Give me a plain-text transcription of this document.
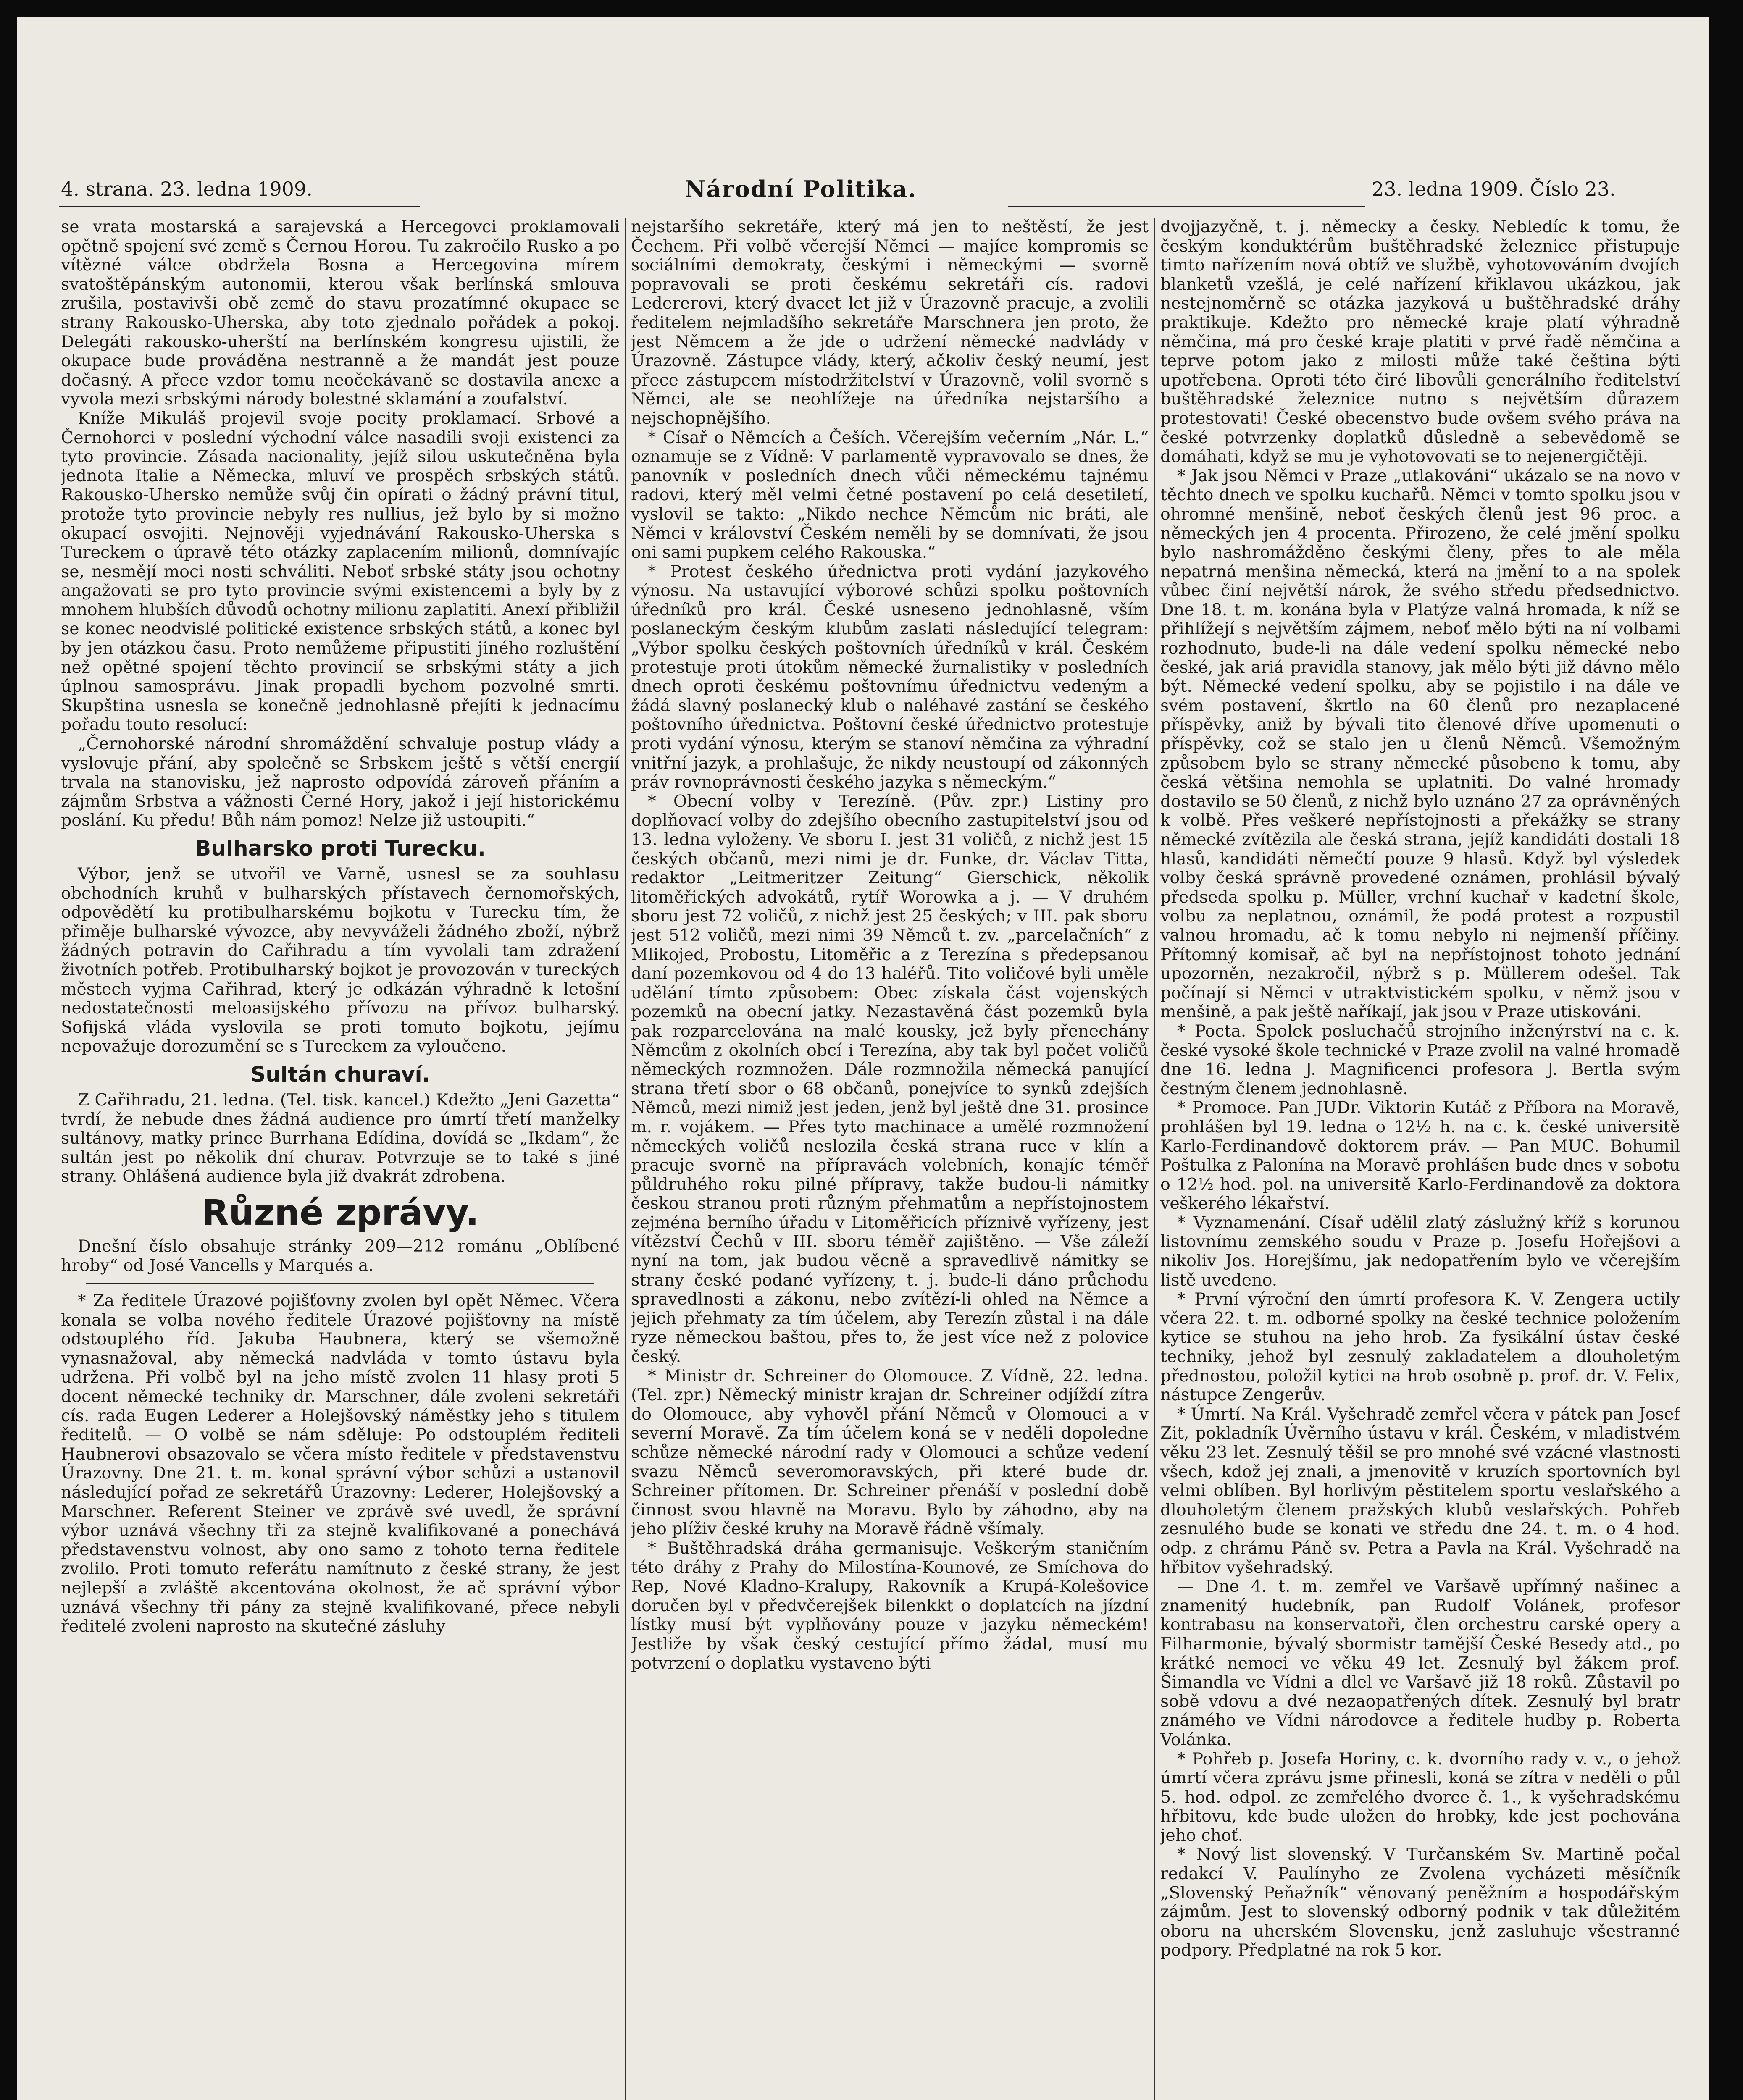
4. strana. 23. ledna 1909.	Národní Politika.	23. ledna 1909. Číslo 23.

se vrata mostarská a sarajevská a Hercegovci proklamovali opětně spojení své země s Černou Horou. Tu zakročilo Rusko a po vítězné válce obdržela Bosna a Hercegovina mírem svatoštěpánským autonomii, kterou však berlínská smlouva zrušila, postavivši obě země do stavu prozatímné okupace se strany Rakousko-Uherska, aby toto zjednalo pořádek a pokoj. Delegáti rakousko-uherští na berlínském kongresu ujistili, že okupace bude prováděna nestranně a že mandát jest pouze dočasný. A přece vzdor tomu neočekávaně se dostavila anexe a vyvola mezi srbskými národy bolestné sklamání a zoufalství.

Kníže Mikuláš projevil svoje pocity proklamací. Srbové a Černohorci v poslední východní válce nasadili svoji existenci za tyto provincie. Zásada nacionality, jejíž silou uskutečněna byla jednota Italie a Německa, mluví ve prospěch srbských států. Rakousko-Uhersko nemůže svůj čin opírati o žádný právní titul, protože tyto provincie nebyly res nullius, jež bylo by si možno okupací osvojiti. Nejnověji vyjednávání Rakousko-Uherska s Tureckem o úpravě této otázky zaplacením milionů, domnívajíc se, nesmějí moci nosti schváliti. Neboť srbské státy jsou ochotny angažovati se pro tyto provincie svými existencemi a byly by z mnohem hlubších důvodů ochotny milionu zaplatiti. Anexí přibližil se konec neodvislé politické existence srbských států, a konec byl by jen otázkou času. Proto nemůžeme připustiti jiného rozluštění než opětné spojení těchto provincií se srbskými státy a jich úplnou samosprávu. Jinak propadli bychom pozvolné smrti. Skupština usnesla se konečně jednohlasně přejíti k jednacímu pořadu touto resolucí:

„Černohorské národní shromáždění schvaluje postup vlády a vyslovuje přání, aby společně se Srbskem ještě s větší energií trvala na stanovisku, jež naprosto odpovídá zároveň přáním a zájmům Srbstva a vážnosti Černé Hory, jakož i její historickému poslání. Ku předu! Bůh nám pomoz! Nelze již ustoupiti.“

Bulharsko proti Turecku.

Výbor, jenž se utvořil ve Varně, usnesl se za souhlasu obchodních kruhů v bulharských přístavech černomořských, odpovědětí ku protibulharskému bojkotu v Turecku tím, že přiměje bulharské vývozce, aby nevyváželi žádného zboží, nýbrž žádných potravin do Cařihradu a tím vyvolali tam zdražení životních potřeb. Protibulharský bojkot je provozován v tureckých městech vyjma Cařihrad, který je odkázán výhradně k letošní nedostatečnosti meloasijského přívozu na přívoz bulharský. Sofijská vláda vyslovila se proti tomuto bojkotu, jejímu nepovažuje dorozumění se s Tureckem za vyloučeno.

Sultán churaví.

Z Cařihradu, 21. ledna. (Tel. tisk. kancel.) Kdežto „Jeni Gazetta“ tvrdí, že nebude dnes žádná audience pro úmrtí třetí manželky sultánovy, matky prince Burrhana Edídina, dovídá se „Ikdam“, že sultán jest po několik dní churav. Potvrzuje se to také s jiné strany. Ohlášená audience byla již dvakrát zdrobena.

Různé zprávy.

Dnešní číslo obsahuje stránky 209—212 románu „Oblíbené hroby“ od José Vancells y Marqués a.

* Za ředitele Úrazové pojišťovny zvolen byl opět Němec. Včera konala se volba nového ředitele Úrazové pojišťovny na místě odstouplého říd. Jakuba Haubnera, který se všemožně vynasnažoval, aby německá nadvláda v tomto ústavu byla udržena. Při volbě byl na jeho místě zvolen 11 hlasy proti 5 docent německé techniky dr. Marschner, dále zvoleni sekretáři cís. rada Eugen Lederer a Holejšovský náměstky jeho s titulem ředitelů. — O volbě se nám sděluje: Po odstouplém řediteli Haubnerovi obsazovalo se včera místo ředitele v představenstvu Úrazovny. Dne 21. t. m. konal správní výbor schůzi a ustanovil následující pořad ze sekretářů Úrazovny: Lederer, Holejšovský a Marschner. Referent Steiner ve zprávě své uvedl, že správní výbor uznává všechny tři za stejně kvalifikované a ponechává představenstvu volnost, aby ono samo z tohoto terna ředitele zvolilo. Proti tomuto referátu namítnuto z české strany, že jest nejlepší a zvláště akcentována okolnost, že ač správní výbor uznává všechny tři pány za stejně kvalifikované, přece nebyli ředitelé zvoleni naprosto na skutečné zásluhy

nejstaršího sekretáře, který má jen to neštěstí, že jest Čechem. Při volbě včerejší Němci — majíce kompromis se sociálními demokraty, českými i německými — svorně popravovali se proti českému sekretáři cís. radovi Ledererovi, který dvacet let již v Úrazovně pracuje, a zvolili ředitelem nejmladšího sekretáře Marschnera jen proto, že jest Němcem a že jde o udržení německé nadvlády v Úrazovně. Zástupce vlády, který, ačkoliv český neumí, jest přece zástupcem místodržitelství v Úrazovně, volil svorně s Němci, ale se neohlížeje na úředníka nejstaršího a nejschopnějšího.

* Císař o Němcích a Češích. Včerejším večerním „Nár. L.“ oznamuje se z Vídně: V parlamentě vypravovalo se dnes, že panovník v posledních dnech vůči německému tajnému radovi, který měl velmi četné postavení po celá desetiletí, vyslovil se takto: „Nikdo nechce Němcům nic bráti, ale Němci v království Českém neměli by se domnívati, že jsou oni sami pupkem celého Rakouska.“

* Protest českého úřednictva proti vydání jazykového výnosu. Na ustavující výborové schůzi spolku poštovních úředníků pro král. České usneseno jednohlasně, vším poslaneckým českým klubům zaslati následující telegram: „Výbor spolku českých poštovních úředníků v král. Českém protestuje proti útokům německé žurnalistiky v posledních dnech oproti českému poštovnímu úřednictvu vedeným a žádá slavný poslanecký klub o naléhavé zastání se českého poštovního úřednictva. Poštovní české úřednictvo protestuje proti vydání výnosu, kterým se stanoví němčina za výhradní vnitřní jazyk, a prohlašuje, že nikdy neustoupí od zákonných práv rovnoprávnosti českého jazyka s německým.“

* Obecní volby v Terezíně. (Pův. zpr.) Listiny pro doplňovací volby do zdejšího obecního zastupitelství jsou od 13. ledna vyloženy. Ve sboru I. jest 31 voličů, z nichž jest 15 českých občanů, mezi nimi je dr. Funke, dr. Václav Titta, redaktor „Leitmeritzer Zeitung“ Gierschick, několik litoměřických advokátů, rytíř Worowka a j. — V druhém sboru jest 72 voličů, z nichž jest 25 českých; v III. pak sboru jest 512 voličů, mezi nimi 39 Němců t. zv. „parcelačních“ z Mlikojed, Probostu, Litoměřic a z Terezína s předepsanou daní pozemkovou od 4 do 13 haléřů. Tito voličové byli uměle udělání tímto způsobem: Obec získala část vojenských pozemků na obecní jatky. Nezastavěná část pozemků byla pak rozparcelována na malé kousky, jež byly přenechány Němcům z okolních obcí i Terezína, aby tak byl počet voličů německých rozmnožen. Dále rozmnožila německá panující strana třetí sbor o 68 občanů, ponejvíce to synků zdejších Němců, mezi nimiž jest jeden, jenž byl ještě dne 31. prosince m. r. vojákem. — Přes tyto machinace a umělé rozmnožení německých voličů neslozila česká strana ruce v klín a pracuje svorně na přípravách volebních, konajíc téměř půldruhého roku pilné přípravy, takže budou-li námitky českou stranou proti různým přehmatům a nepřístojnostem zejména berního úřadu v Litoměřicích příznivě vyřízeny, jest vítězství Čechů v III. sboru téměř zajištěno. — Vše záleží nyní na tom, jak budou věcně a spravedlivě námitky se strany české podané vyřízeny, t. j. bude-li dáno průchodu spravedlnosti a zákonu, nebo zvítězí-li ohled na Němce a jejich přehmaty za tím účelem, aby Terezín zůstal i na dále ryze německou baštou, přes to, že jest více než z polovice český.

* Ministr dr. Schreiner do Olomouce. Z Vídně, 22. ledna. (Tel. zpr.) Německý ministr krajan dr. Schreiner odjíždí zítra do Olomouce, aby vyhověl přání Němců v Olomouci a v severní Moravě. Za tím účelem koná se v neděli dopoledne schůze německé národní rady v Olomouci a schůze vedení svazu Němců severomoravských, při které bude dr. Schreiner přítomen. Dr. Schreiner přenáší v poslední době činnost svou hlavně na Moravu. Bylo by záhodno, aby na jeho plíživ české kruhy na Moravě řádně všímaly.

* Buštěhradská dráha germanisuje. Veškerým staničním této dráhy z Prahy do Milostína-Kounové, ze Smíchova do Rep, Nové Kladno-Kralupy, Rakovník a Krupá-Kolešovice doručen byl v předvčerejšek bilenkkt o doplatcích na jízdní lístky musí být vyplňovány pouze v jazyku německém! Jestliže by však český cestující přímo žádal, musí mu potvrzení o doplatku vystaveno býti

dvojjazyčně, t. j. německy a česky. Nebledíc k tomu, že českým konduktérům buštěhradské železnice přistupuje timto nařízením nová obtíž ve službě, vyhotovováním dvojích blanketů vzešlá, je celé nařízení křiklavou ukázkou, jak nestejnoměrně se otázka jazyková u buštěhradské dráhy praktikuje. Kdežto pro německé kraje platí výhradně němčina, má pro české kraje platiti v prvé řadě němčina a teprve potom jako z milosti může také čeština býti upotřebena. Oproti této čiré libovůli generálního ředitelství buštěhradské železnice nutno s největším důrazem protestovati! České obecenstvo bude ovšem svého práva na české potvrzenky doplatků důsledně a sebevědomě se domáhati, když se mu je vyhotovovati se to nejenergičtěji.

* Jak jsou Němci v Praze „utlakováni“ ukázalo se na novo v těchto dnech ve spolku kuchařů. Němci v tomto spolku jsou v ohromné menšině, neboť českých členů jest 96 proc. a německých jen 4 procenta. Přirozeno, že celé jmění spolku bylo nashromážděno českými členy, přes to ale měla nepatrná menšina německá, která na jmění to a na spolek vůbec činí největší nárok, že svého středu předsednictvo. Dne 18. t. m. konána byla v Platýze valná hromada, k níž se přihlížejí s největším zájmem, neboť mělo býti na ní volbami rozhodnuto, bude-li na dále vedení spolku německé nebo české, jak ariá pravidla stanovy, jak mělo býti již dávno mělo být. Německé vedení spolku, aby se pojistilo i na dále ve svém postavení, škrtlo na 60 členů pro nezaplacené příspěvky, aniž by bývali tito členové dříve upomenuti o příspěvky, což se stalo jen u členů Němců. Všemožným způsobem bylo se strany německé působeno k tomu, aby česká většina nemohla se uplatniti. Do valné hromady dostavilo se 50 členů, z nichž bylo uznáno 27 za oprávněných k volbě. Přes veškeré nepřístojnosti a překážky se strany německé zvítězila ale česká strana, jejíž kandidáti dostali 18 hlasů, kandidáti němečtí pouze 9 hlasů. Když byl výsledek volby česká správně provedené oznámen, prohlásil bývalý předseda spolku p. Müller, vrchní kuchař v kadetní škole, volbu za neplatnou, oznámil, že podá protest a rozpustil valnou hromadu, ač k tomu nebylo ni nejmenší příčiny. Přítomný komisař, ač byl na nepřístojnost tohoto jednání upozorněn, nezakročil, nýbrž s p. Müllerem odešel. Tak počínají si Němci v utraktvistickém spolku, v němž jsou v menšině, a pak ještě naříkají, jak jsou v Praze utiskováni.

* Pocta. Spolek posluchačů strojního inženýrství na c. k. české vysoké škole technické v Praze zvolil na valné hromadě dne 16. ledna J. Magnificenci profesora J. Bertla svým čestným členem jednohlasně.

* Promoce. Pan JUDr. Viktorin Kutáč z Příbora na Moravě, prohlášen byl 19. ledna o 12½ h. na c. k. české universitě Karlo-Ferdinandově doktorem práv. — Pan MUC. Bohumil Poštulka z Palonína na Moravě prohlášen bude dnes v sobotu o 12½ hod. pol. na universitě Karlo-Ferdinandově za doktora veškerého lékařství.

* Vyznamenání. Císař udělil zlatý záslužný kříž s korunou listovnímu zemského soudu v Praze p. Josefu Hořejšovi a nikoliv Jos. Horejšímu, jak nedopatřením bylo ve včerejším listě uvedeno.

* První výroční den úmrtí profesora K. V. Zengera uctily včera 22. t. m. odborné spolky na české technice položením kytice se stuhou na jeho hrob. Za fysikální ústav české techniky, jehož byl zesnulý zakladatelem a dlouholetým přednostou, položil kytici na hrob osobně p. prof. dr. V. Felix, nástupce Zengerův.

* Úmrtí. Na Král. Vyšehradě zemřel včera v pátek pan Josef Zit, pokladník Úvěrního ústavu v král. Českém, v mladistvém věku 23 let. Zesnulý těšil se pro mnohé své vzácné vlastnosti všech, kdož jej znali, a jmenovitě v kruzích sportovních byl velmi oblíben. Byl horlivým pěstitelem sportu veslařského a dlouholetým členem pražských klubů veslařských. Pohřeb zesnulého bude se konati ve středu dne 24. t. m. o 4 hod. odp. z chrámu Páně sv. Petra a Pavla na Král. Vyšehradě na hřbitov vyšehradský.

— Dne 4. t. m. zemřel ve Varšavě upřímný našinec a znamenitý hudebník, pan Rudolf Volánek, profesor kontrabasu na konservatoři, člen orchestru carské opery a Filharmonie, bývalý sbormistr tamější České Besedy atd., po krátké nemoci ve věku 49 let. Zesnulý byl žákem prof. Šimandla ve Vídni a dlel ve Varšavě již 18 roků. Zůstavil po sobě vdovu a dvé nezaopatřených dítek. Zesnulý byl bratr známého ve Vídni národovce a ředitele hudby p. Roberta Volánka.

* Pohřeb p. Josefa Horiny, c. k. dvorního rady v. v., o jehož úmrtí včera zprávu jsme přinesli, koná se zítra v neděli o půl 5. hod. odpol. ze zemřelého dvorce č. 1., k vyšehradskému hřbitovu, kde bude uložen do hrobky, kde jest pochována jeho choť.

* Nový list slovenský. V Turčanském Sv. Martině počal redakcí V. Paulínyho ze Zvolena vycházeti měsíčník „Slovenský Peňažník“ věnovaný peněžním a hospodářským zájmům. Jest to slovenský odborný podnik v tak důležitém oboru na uherském Slovensku, jenž zasluhuje všestranné podpory. Předplatné na rok 5 kor.
